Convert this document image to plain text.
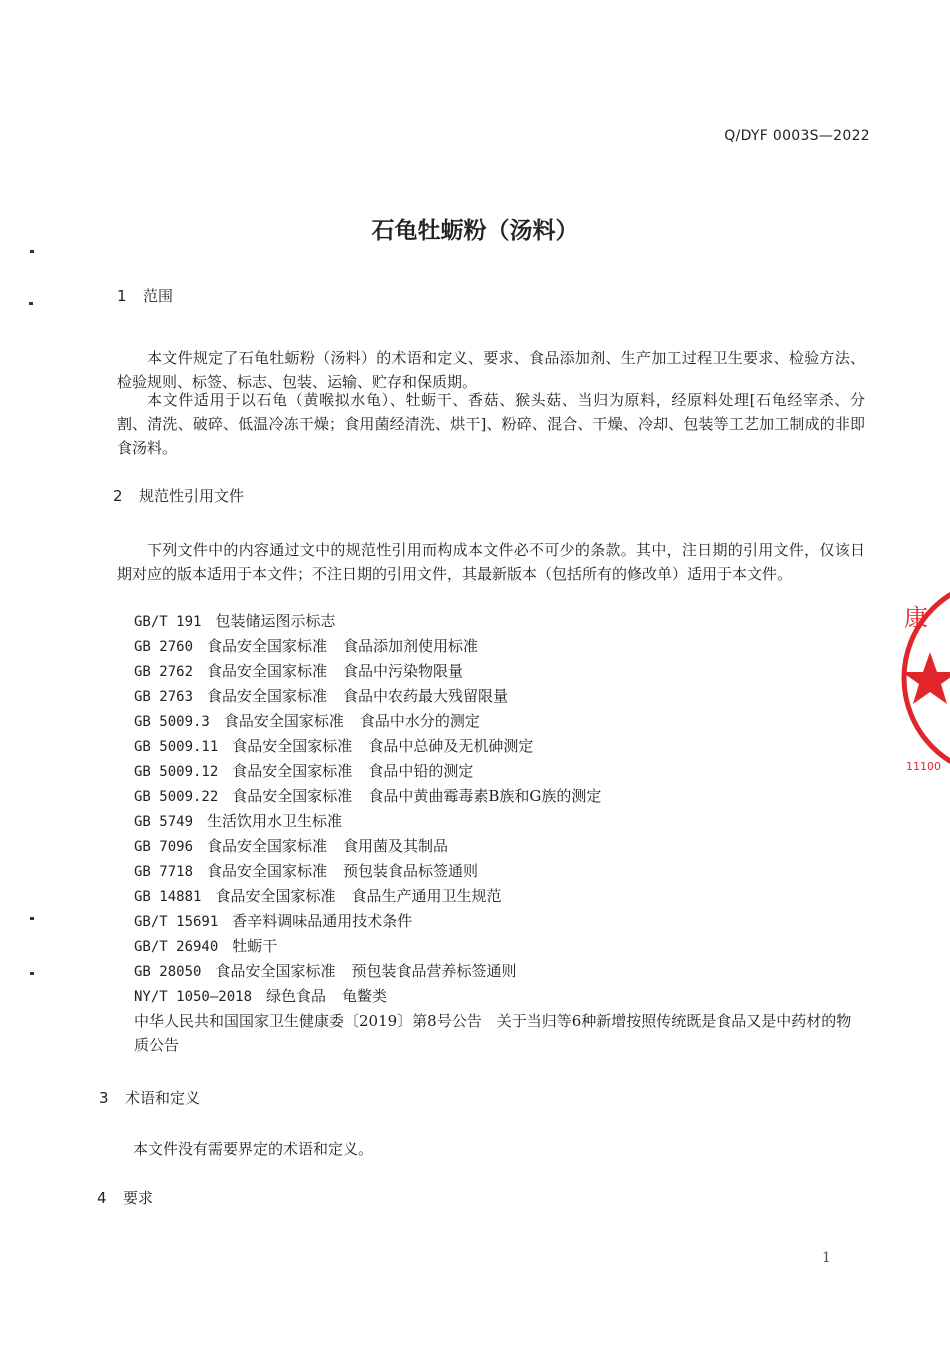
Q/DYF 0003S—2022
石龟牡蛎粉（汤料）
1 范围
本文件规定了石龟牡蛎粉（汤料）的术语和定义、要求、食品添加剂、生产加工过程卫生要求、检验方法、检验规则、标签、标志、包装、运输、贮存和保质期。
本文件适用于以石龟（黄喉拟水龟）、牡蛎干、香菇、猴头菇、当归为原料，经原料处理[石龟经宰杀、分割、清洗、破碎、低温冷冻干燥；食用菌经清洗、烘干]、粉碎、混合、干燥、冷却、包装等工艺加工制成的非即食汤料。
2 规范性引用文件
下列文件中的内容通过文中的规范性引用而构成本文件必不可少的条款。其中，注日期的引用文件，仅该日期对应的版本适用于本文件；不注日期的引用文件，其最新版本（包括所有的修改单）适用于本文件。
GB/T 191 包装储运图示标志
GB 2760 食品安全国家标准 食品添加剂使用标准
GB 2762 食品安全国家标准 食品中污染物限量
GB 2763 食品安全国家标准 食品中农药最大残留限量
GB 5009.3 食品安全国家标准 食品中水分的测定
GB 5009.11 食品安全国家标准 食品中总砷及无机砷测定
GB 5009.12 食品安全国家标准 食品中铅的测定
GB 5009.22 食品安全国家标准 食品中黄曲霉毒素B族和G族的测定
GB 5749 生活饮用水卫生标准
GB 7096 食品安全国家标准 食用菌及其制品
GB 7718 食品安全国家标准 预包装食品标签通则
GB 14881 食品安全国家标准 食品生产通用卫生规范
GB/T 15691 香辛料调味品通用技术条件
GB/T 26940 牡蛎干
GB 28050 食品安全国家标准 预包装食品营养标签通则
NY/T 1050—2018 绿色食品 龟鳖类
中华人民共和国国家卫生健康委〔2019〕第8号公告　关于当归等6种新增按照传统既是食品又是中药材的物质公告
3 术语和定义
本文件没有需要界定的术语和定义。
4 要求
1
康
11100
